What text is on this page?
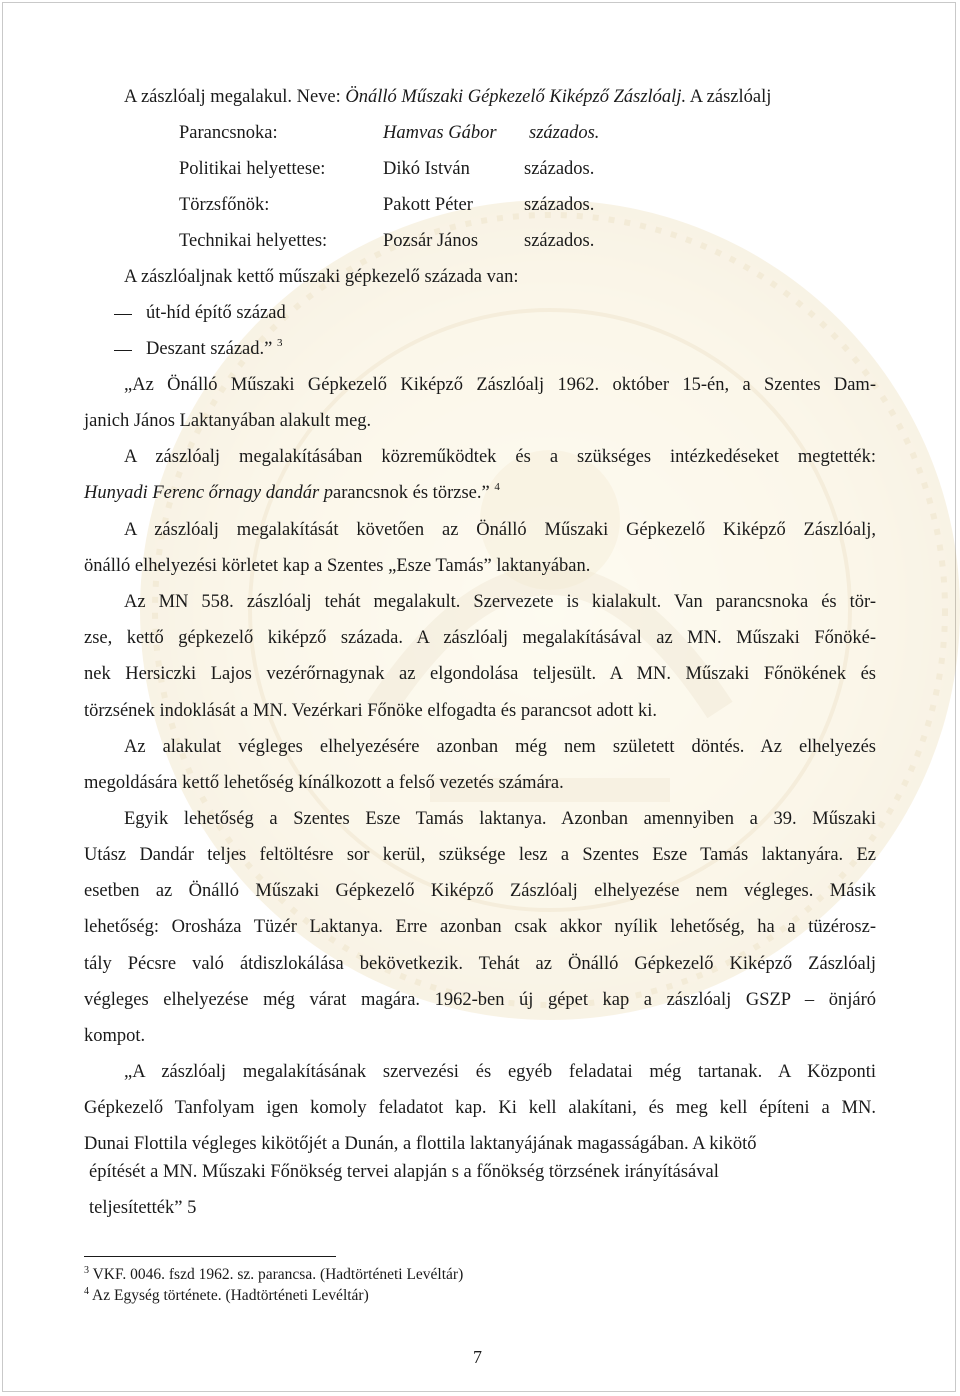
A zászlóalj megalakul. Neve: Önálló Műszaki Gépkezelő Kiképző Zászlóalj. A zászlóalj
Parancsnoka:	Hamvas Gábor százados.
Politikai helyettese:	Dikó István	százados.
Törzsfőnök:	Pakott Péter	százados.
Technikai helyettes:	Pozsár János százados.
A zászlóaljnak kettő műszaki gépkezelő százada van:
út-híd építő század
Deszant század.” $^3$
„Az Önálló Műszaki Gépkezelő Kiképző Zászlóalj 1962. október 15-én, a Szentes Dam-
janich János Laktanyában alakult meg.
A zászlóalj megalakításában közreműködtek és a szükséges intézkedéseket megtették:
Hunyadi Ferenc őrnagy dandár parancsnok és törzse.” $^4$
A zászlóalj megalakítását követően az Önálló Műszaki Gépkezelő Kiképző Zászlóalj,
önálló elhelyezési körletet kap a Szentes „Esze Tamás” laktanyában.
Az MN 558. zászlóalj tehát megalakult. Szervezete is kialakult. Van parancsnoka és tör-
zse, kettő gépkezelő kiképző százada. A zászlóalj megalakításával az MN. Műszaki Főnöké-
nek Hersiczki Lajos vezérőrnagynak az elgondolása teljesült. A MN. Műszaki Főnökének és
törzsének indoklását a MN. Vezérkari Főnöke elfogadta és parancsot adott ki.
Az alakulat végleges elhelyezésére azonban még nem született döntés. Az elhelyezés
megoldására kettő lehetőség kínálkozott a felső vezetés számára.
Egyik lehetőség a Szentes Esze Tamás laktanya. Azonban amennyiben a 39. Műszaki
Utász Dandár teljes feltöltésre sor kerül, szüksége lesz a Szentes Esze Tamás laktanyára. Ez
esetben az Önálló Műszaki Gépkezelő Kiképző Zászlóalj elhelyezése nem végleges. Másik
lehetőség: Orosháza Tüzér Laktanya. Erre azonban csak akkor nyílik lehetőség, ha a tüzérosz-
tály Pécsre való átdiszlokálása bekövetkezik. Tehát az Önálló Gépkezelő Kiképző Zászlóalj
végleges elhelyezése még várat magára. 1962-ben új gépet kap a zászlóalj GSZP – önjáró
kompot.
„A zászlóalj megalakításának szervezési és egyéb feladatai még tartanak. A Központi
Gépkezelő Tanfolyam igen komoly feladatot kap. Ki kell alakítani, és meg kell építeni a MN.
Dunai Flottila végleges kikötőjét a Dunán, a flottila laktanyájának magasságában. A kikötő
építését a MN. Műszaki Főnökség tervei alapján s a főnökség törzsének irányításával
teljesítették” 5
$^3$ VKF. 0046. fszd 1962. sz. parancsa. (Hadtörténeti Levéltár)
$^4$ Az Egység története. (Hadtörténeti Levéltár)
7
